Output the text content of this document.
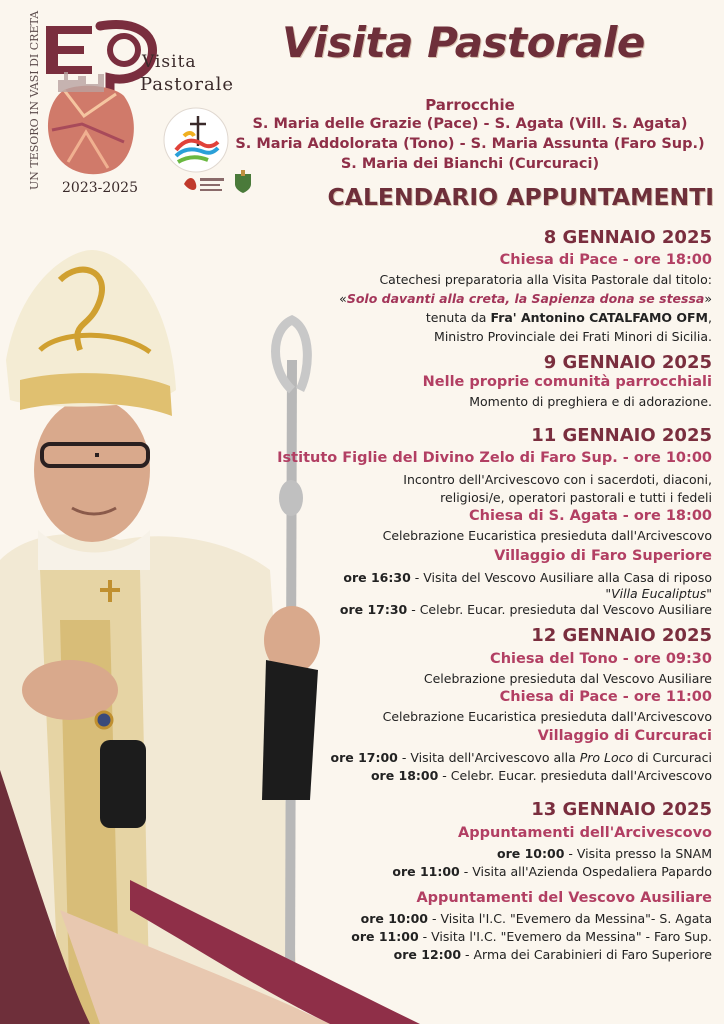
Visita
Pastorale
2023-2025
UN TESORO IN VASI DI CRETA	Visita Pastorale
Parrocchie
S. Maria delle Grazie (Pace) - S. Agata (Vill. S. Agata)
S. Maria Addolorata (Tono) - S. Maria Assunta (Faro Sup.)
S. Maria dei Bianchi (Curcuraci)
CALENDARIO APPUNTAMENTI
8 GENNAIO 2025
Chiesa di Pace - ore 18:00
Catechesi preparatoria alla Visita Pastorale dal titolo:
«Solo davanti alla creta, la Sapienza dona se stessa»
tenuta da Fra' Antonino CATALFAMO OFM,
Ministro Provinciale dei Frati Minori di Sicilia.
9 GENNAIO 2025
Nelle proprie comunità parrocchiali
Momento di preghiera e di adorazione.
11 GENNAIO 2025
Istituto Figlie del Divino Zelo di Faro Sup. - ore 10:00
Incontro dell'Arcivescovo con i sacerdoti, diaconi,
religiosi/e, operatori pastorali e tutti i fedeli
Chiesa di S. Agata - ore 18:00
Celebrazione Eucaristica presieduta dall'Arcivescovo
Villaggio di Faro Superiore
ore 16:30 - Visita del Vescovo Ausiliare alla Casa di riposo
"Villa Eucaliptus"
ore 17:30 - Celebr. Eucar. presieduta dal Vescovo Ausiliare
12 GENNAIO 2025
Chiesa del Tono - ore 09:30
Celebrazione presieduta dal Vescovo Ausiliare
Chiesa di Pace - ore 11:00
Celebrazione Eucaristica presieduta dall'Arcivescovo
Villaggio di Curcuraci
ore 17:00 - Visita dell'Arcivescovo alla Pro Loco di Curcuraci
ore 18:00 - Celebr. Eucar. presieduta dall'Arcivescovo
13 GENNAIO 2025
Appuntamenti dell'Arcivescovo
ore 10:00 - Visita presso la SNAM
ore 11:00 - Visita all'Azienda Ospedaliera Papardo
Appuntamenti del Vescovo Ausiliare
ore 10:00 - Visita l'I.C. "Evemero da Messina"- S. Agata
ore 11:00 - Visita l'I.C. "Evemero da Messina" - Faro Sup.
ore 12:00 - Arma dei Carabinieri di Faro Superiore
